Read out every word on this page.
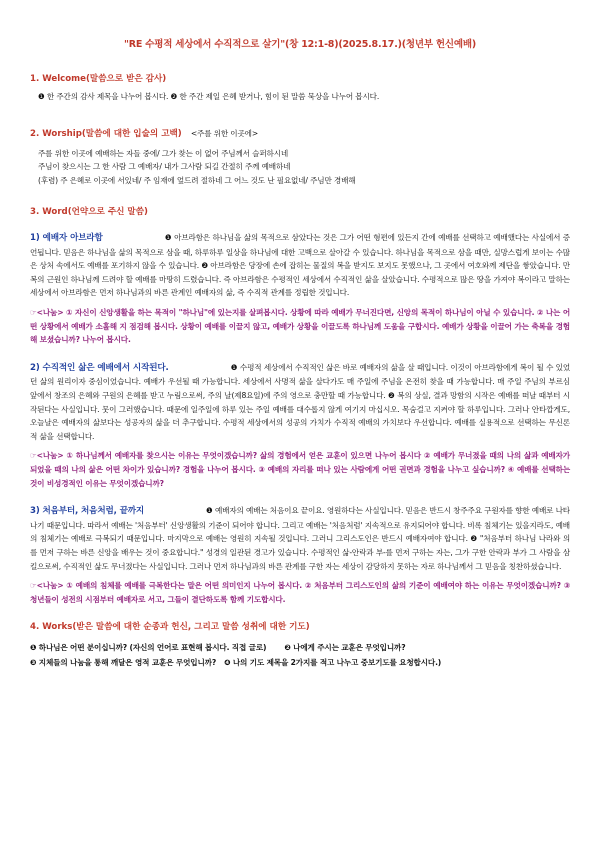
"RE 수평적 세상에서 수직적으로 살기"(창 12:1-8)(2025.8.17.)(청년부 헌신예배)
1. Welcome(말씀으로 받은 감사)
❶ 한 주간의 감사 제목을 나누어 봅시다. ❷ 한 주간 제일 은혜 받거나, 힘이 된 말씀 묵상을 나누어 봅시다.
2. Worship(말씀에 대한 입술의 고백) <주를 위한 이곳에>
주를 위한 이곳에 예배하는 자들 중에/ 그가 찾는 이 없어 주님께서 슬퍼하시네
주님이 찾으시는 그 한 사람 그 예배자/ 내가 그사람 되길 간절히 주께 예배하네
(후렴) 주 은혜로 이곳에 서있네/ 주 임재에 엎드려 절하네 그 어느 것도 난 필요없네/ 주님만 경배해
3. Word(언약으로 주신 말씀)
1) 예배자 아브라함	❶ 아브라함은 하나님을 삶의 목적으로 삼았다는 것은 그가 어떤 형편에 있든지 간에 예배를 선택하고 예배했다는 사실에서 증언됩니다. 믿음은 하나님을 삶의 목적으로 삼을 때, 하루하루 일상을 하나님에 대한 고백으로 살아갈 수 있습니다. 하나님을 목적으로 삼을 때만, 실망스럽게 보이는 수많은 상처 속에서도 예배를 포기하지 않을 수 있습니다. ❷ 아브라함은 당장에 손에 잡히는 물질의 복을 받지도 보지도 못했으나, 그 곳에서 여호와께 제단을 쌓았습니다. 만복의 근원인 하나님께 드려야 할 예배를 마땅히 드렸습니다. 즉 아브라함은 수평적인 세상에서 수직적인 삶을 살았습니다. 수평적으로 많은 땅을 가져야 복이라고 말하는 세상에서 아브라함은 먼저 하나님과의 바른 관계인 예배자의 삶, 즉 수직적 관계를 정립한 것입니다.
☞<나눔> ① 자신이 신앙생활을 하는 목적이 "하나님"에 있는지를 살펴봅시다. 상황에 따라 예배가 무너진다면, 신앙의 목적이 하나님이 아닐 수 있습니다. ② 나는 어떤 상황에서 예배가 소홀해 지 점검해 봅시다. 상황이 예배를 이끌지 않고, 예배가 상황을 이끌도록 하나님께 도움을 구합시다. 예배가 상황을 이끌어 가는 축복을 경험해 보셨습니까? 나누어 봅시다.
2) 수직적인 삶은 예배에서 시작된다.	❶ 수평적 세상에서 수직적인 삶은 바로 예배자의 삶을 살 때입니다. 이것이 아브라함에게 복이 될 수 있었던 삶의 원리이자 중심이었습니다. 예배가 우선될 때 가능합니다. 세상에서 사명적 삶을 살다가도 매 주일에 주님을 온전히 찾을 때 가능합니다. 매 주일 주님의 부르심 앞에서 창조의 은혜와 구원의 은혜를 받고 누림으로써, 주의 날(제8요일)에 주의 영으로 충만할 때 가능합니다. ❷ 복의 상실, 결과 망함의 시작은 예배를 떠날 때부터 시작된다는 사실입니다. 뭇이 그러했습니다. 때문에 일주일에 하루 있는 주일 예배를 대수롭지 않게 여기지 마십시오. 목숨걸고 지켜야 할 하루입니다. 그러나 안타깝게도, 오늘날은 예배자의 삶보다는 성공자의 삶을 더 추구합니다. 수평적 세상에서의 성공의 가치가 수직적 예배의 가치보다 우선합니다. 예배를 실용적으로 선택하는 무신론적 삶을 선택합니다.
☞<나눔> ① 하나님께서 예배자를 찾으시는 이유는 무엇이겠습니까? 삶의 경험에서 얻은 교훈이 있으면 나누어 봅시다 ② 예배가 무너졌을 때의 나의 삶과 예배자가 되었을 때의 나의 삶은 어떤 차이가 있습니까? 경험을 나누어 봅시다. ③ 예배의 자리를 떠나 있는 사람에게 어떤 권면과 경험을 나누고 싶습니까? ④ 예배를 선택하는 것이 비성경적인 이유는 무엇이겠습니까?
3) 처음부터, 처음처럼, 끝까지	❶ 예배자의 예배는 처음이요 끝이요. 영원하다는 사실입니다. 믿음은 반드시 창주주요 구원자를 향한 예배로 나타나기 때문입니다. 따라서 예배는 '처음부터' 신앙생활의 기준이 되어야 합니다. 그리고 예배는 '처음처럼' 지속적으로 유지되어야 합니다. 비록 침체기는 있을지라도, 예배의 침체기는 예배로 극복되기 때문입니다. 마지막으로 예배는 영원히 지속될 것입니다. 그러니 그리스도인은 반드시 예배자여야 합니다. ❷ "처음부터 하나님 나라와 의를 먼저 구하는 바른 신앙을 배우는 것이 중요합니다." 성경의 일관된 경고가 있습니다. 수평적인 삶-안락과 부-를 먼저 구하는 자는, 그가 구한 안락과 부가 그 사람을 삼킬으로써, 수직적인 삶도 무너졌다는 사실입니다. 그러나 먼저 하나님과의 바른 관계를 구한 자는 세상이 감당하지 못하는 자로 하나님께서 그 믿음을 칭찬하셨습니다.
☞<나눔> ① 예배의 침체를 예배를 극복한다는 말은 어떤 의미인지 나누어 봅시다. ② 처음부터 그리스도인의 삶의 기준이 예배여야 하는 이유는 무엇이겠습니까? ③ 청년들이 성전의 시점부터 예배자로 서고, 그들이 결단하도록 함께 기도합시다.
4. Works(받은 말씀에 대한 순종과 헌신, 그리고 말씀 성취에 대한 기도)
❶ 하나님은 어떤 분이십니까? (자신의 언어로 표현해 봅시다. 직접 글로) ❷ 나에게 주시는 교훈은 무엇입니까?
❸ 지체들의 나눔을 통해 깨달은 영적 교훈은 무엇입니까? ❹ 나의 기도 제목을 2가지를 적고 나누고 중보기도를 요청합시다.)
